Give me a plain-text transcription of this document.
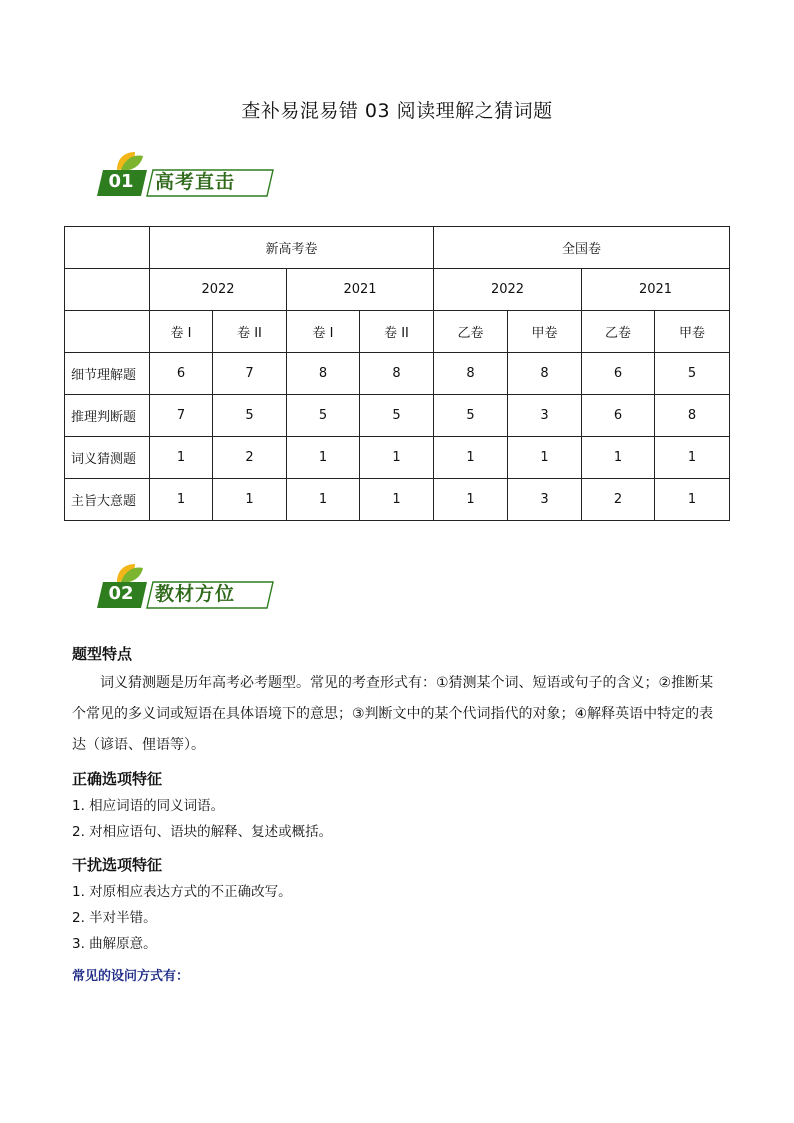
查补易混易错 03 阅读理解之猜词题
01	高考直击
	新高考卷				全国卷			
	2022		2021		2022		2021	
	卷 I	卷 II	卷 I	卷 II	乙卷	甲卷	乙卷	甲卷
细节理解题	6	7	8	8	8	8	6	5
推理判断题	7	5	5	5	5	3	6	8
词义猜测题	1	2	1	1	1	1	1	1
主旨大意题	1	1	1	1	1	3	2	1
02	教材方位

题型特点

词义猜测题是历年高考必考题型。常见的考查形式有：①猜测某个词、短语或句子的含义；②推断某个常见的多义词或短语在具体语境下的意思；③判断文中的某个代词指代的对象；④解释英语中特定的表达（谚语、俚语等）。

正确选项特征

1. 相应词语的同义词语。
2. 对相应语句、语块的解释、复述或概括。

干扰选项特征

1. 对原相应表达方式的不正确改写。
2. 半对半错。
3. 曲解原意。
常见的设问方式有：
